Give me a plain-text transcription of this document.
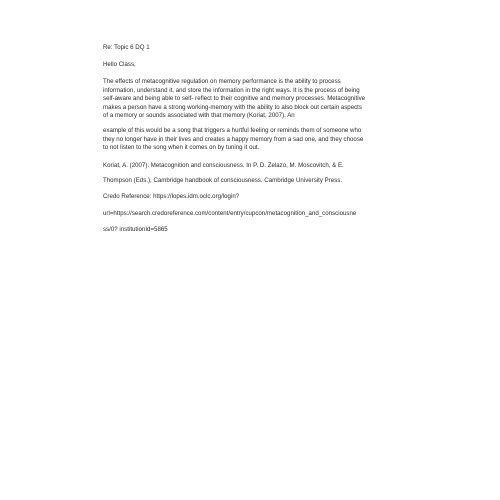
Re: Topic 6 DQ 1
Hello Class,
The effects of metacognitive regulation on memory performance is the ability to process
information, understand it, and store the information in the right ways. It is the process of being
self-aware and being able to self- reflect to their cognitive and memory processes. Metacognitive
makes a person have a strong working-memory with the ability to also block out certain aspects
of a memory or sounds associated with that memory (Koriat, 2007). An
example of this would be a song that triggers a hurtful feeling or reminds them of someone who
they no longer have in their lives and creates a happy memory from a sad one, and they choose
to not listen to the song when it comes on by tuning it out.
Koriat, A. (2007). Metacognition and consciousness. In P. D. Zelazo, M. Moscovitch, & E.
Thompson (Eds.), Cambridge handbook of consciousness. Cambridge University Press.
Credo Reference: https://lopes.idm.oclc.org/login?
url=https://search.credoreference.com/content/entry/cupcon/metacognition_and_consciousne
ss/0? institutionId=5865
